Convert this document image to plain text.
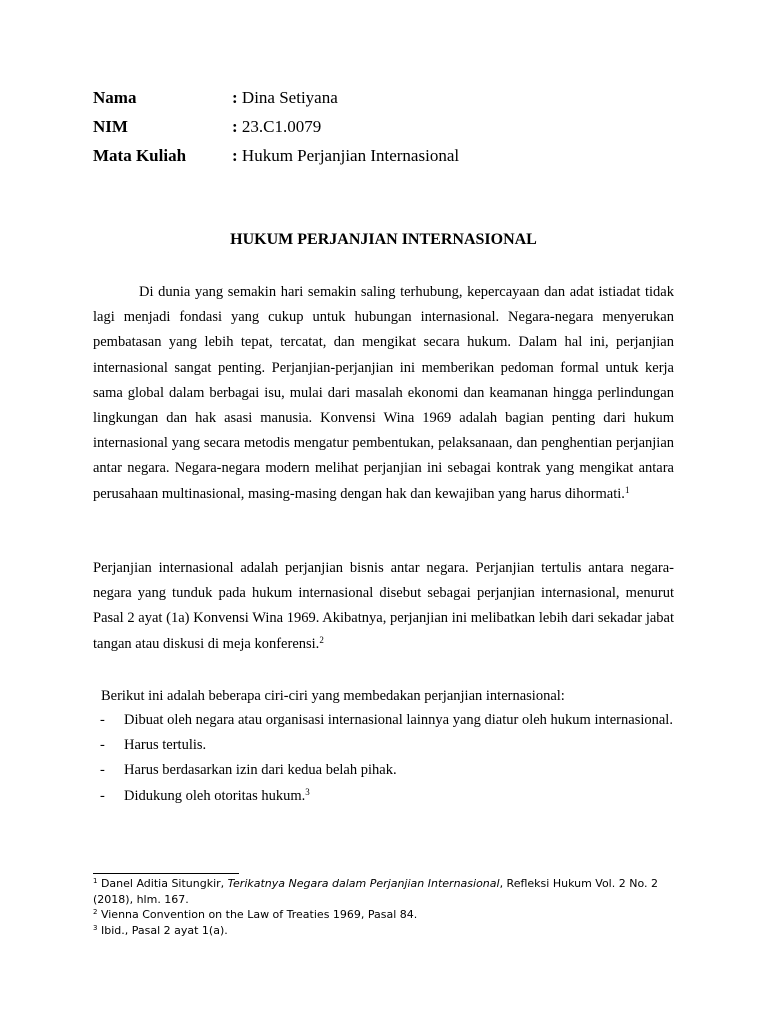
Nama	: Dina Setiyana
NIM	: 23.C1.0079
Mata Kuliah	: Hukum Perjanjian Internasional
HUKUM PERJANJIAN INTERNASIONAL

Di dunia yang semakin hari semakin saling terhubung, kepercayaan dan adat istiadat tidak lagi menjadi fondasi yang cukup untuk hubungan internasional. Negara-negara menyerukan pembatasan yang lebih tepat, tercatat, dan mengikat secara hukum. Dalam hal ini, perjanjian internasional sangat penting. Perjanjian-perjanjian ini memberikan pedoman formal untuk kerja sama global dalam berbagai isu, mulai dari masalah ekonomi dan keamanan hingga perlindungan lingkungan dan hak asasi manusia. Konvensi Wina 1969 adalah bagian penting dari hukum internasional yang secara metodis mengatur pembentukan, pelaksanaan, dan penghentian perjanjian antar negara. Negara-negara modern melihat perjanjian ini sebagai kontrak yang mengikat antara perusahaan multinasional, masing-masing dengan hak dan kewajiban yang harus dihormati.$^1$

Perjanjian internasional adalah perjanjian bisnis antar negara. Perjanjian tertulis antara negara-negara yang tunduk pada hukum internasional disebut sebagai perjanjian internasional, menurut Pasal 2 ayat (1a) Konvensi Wina 1969. Akibatnya, perjanjian ini melibatkan lebih dari sekadar jabat tangan atau diskusi di meja konferensi.$^2$

Berikut ini adalah beberapa ciri-ciri yang membedakan perjanjian internasional:
- Dibuat oleh negara atau organisasi internasional lainnya yang diatur oleh hukum internasional.
- Harus tertulis.
- Harus berdasarkan izin dari kedua belah pihak.
- Didukung oleh otoritas hukum.$^3$
$^1$ Danel Aditia Situngkir, Terikatnya Negara dalam Perjanjian Internasional, Refleksi Hukum Vol. 2 No. 2 (2018), hlm. 167.
$^2$ Vienna Convention on the Law of Treaties 1969, Pasal 84.
$^3$ Ibid., Pasal 2 ayat 1(a).
